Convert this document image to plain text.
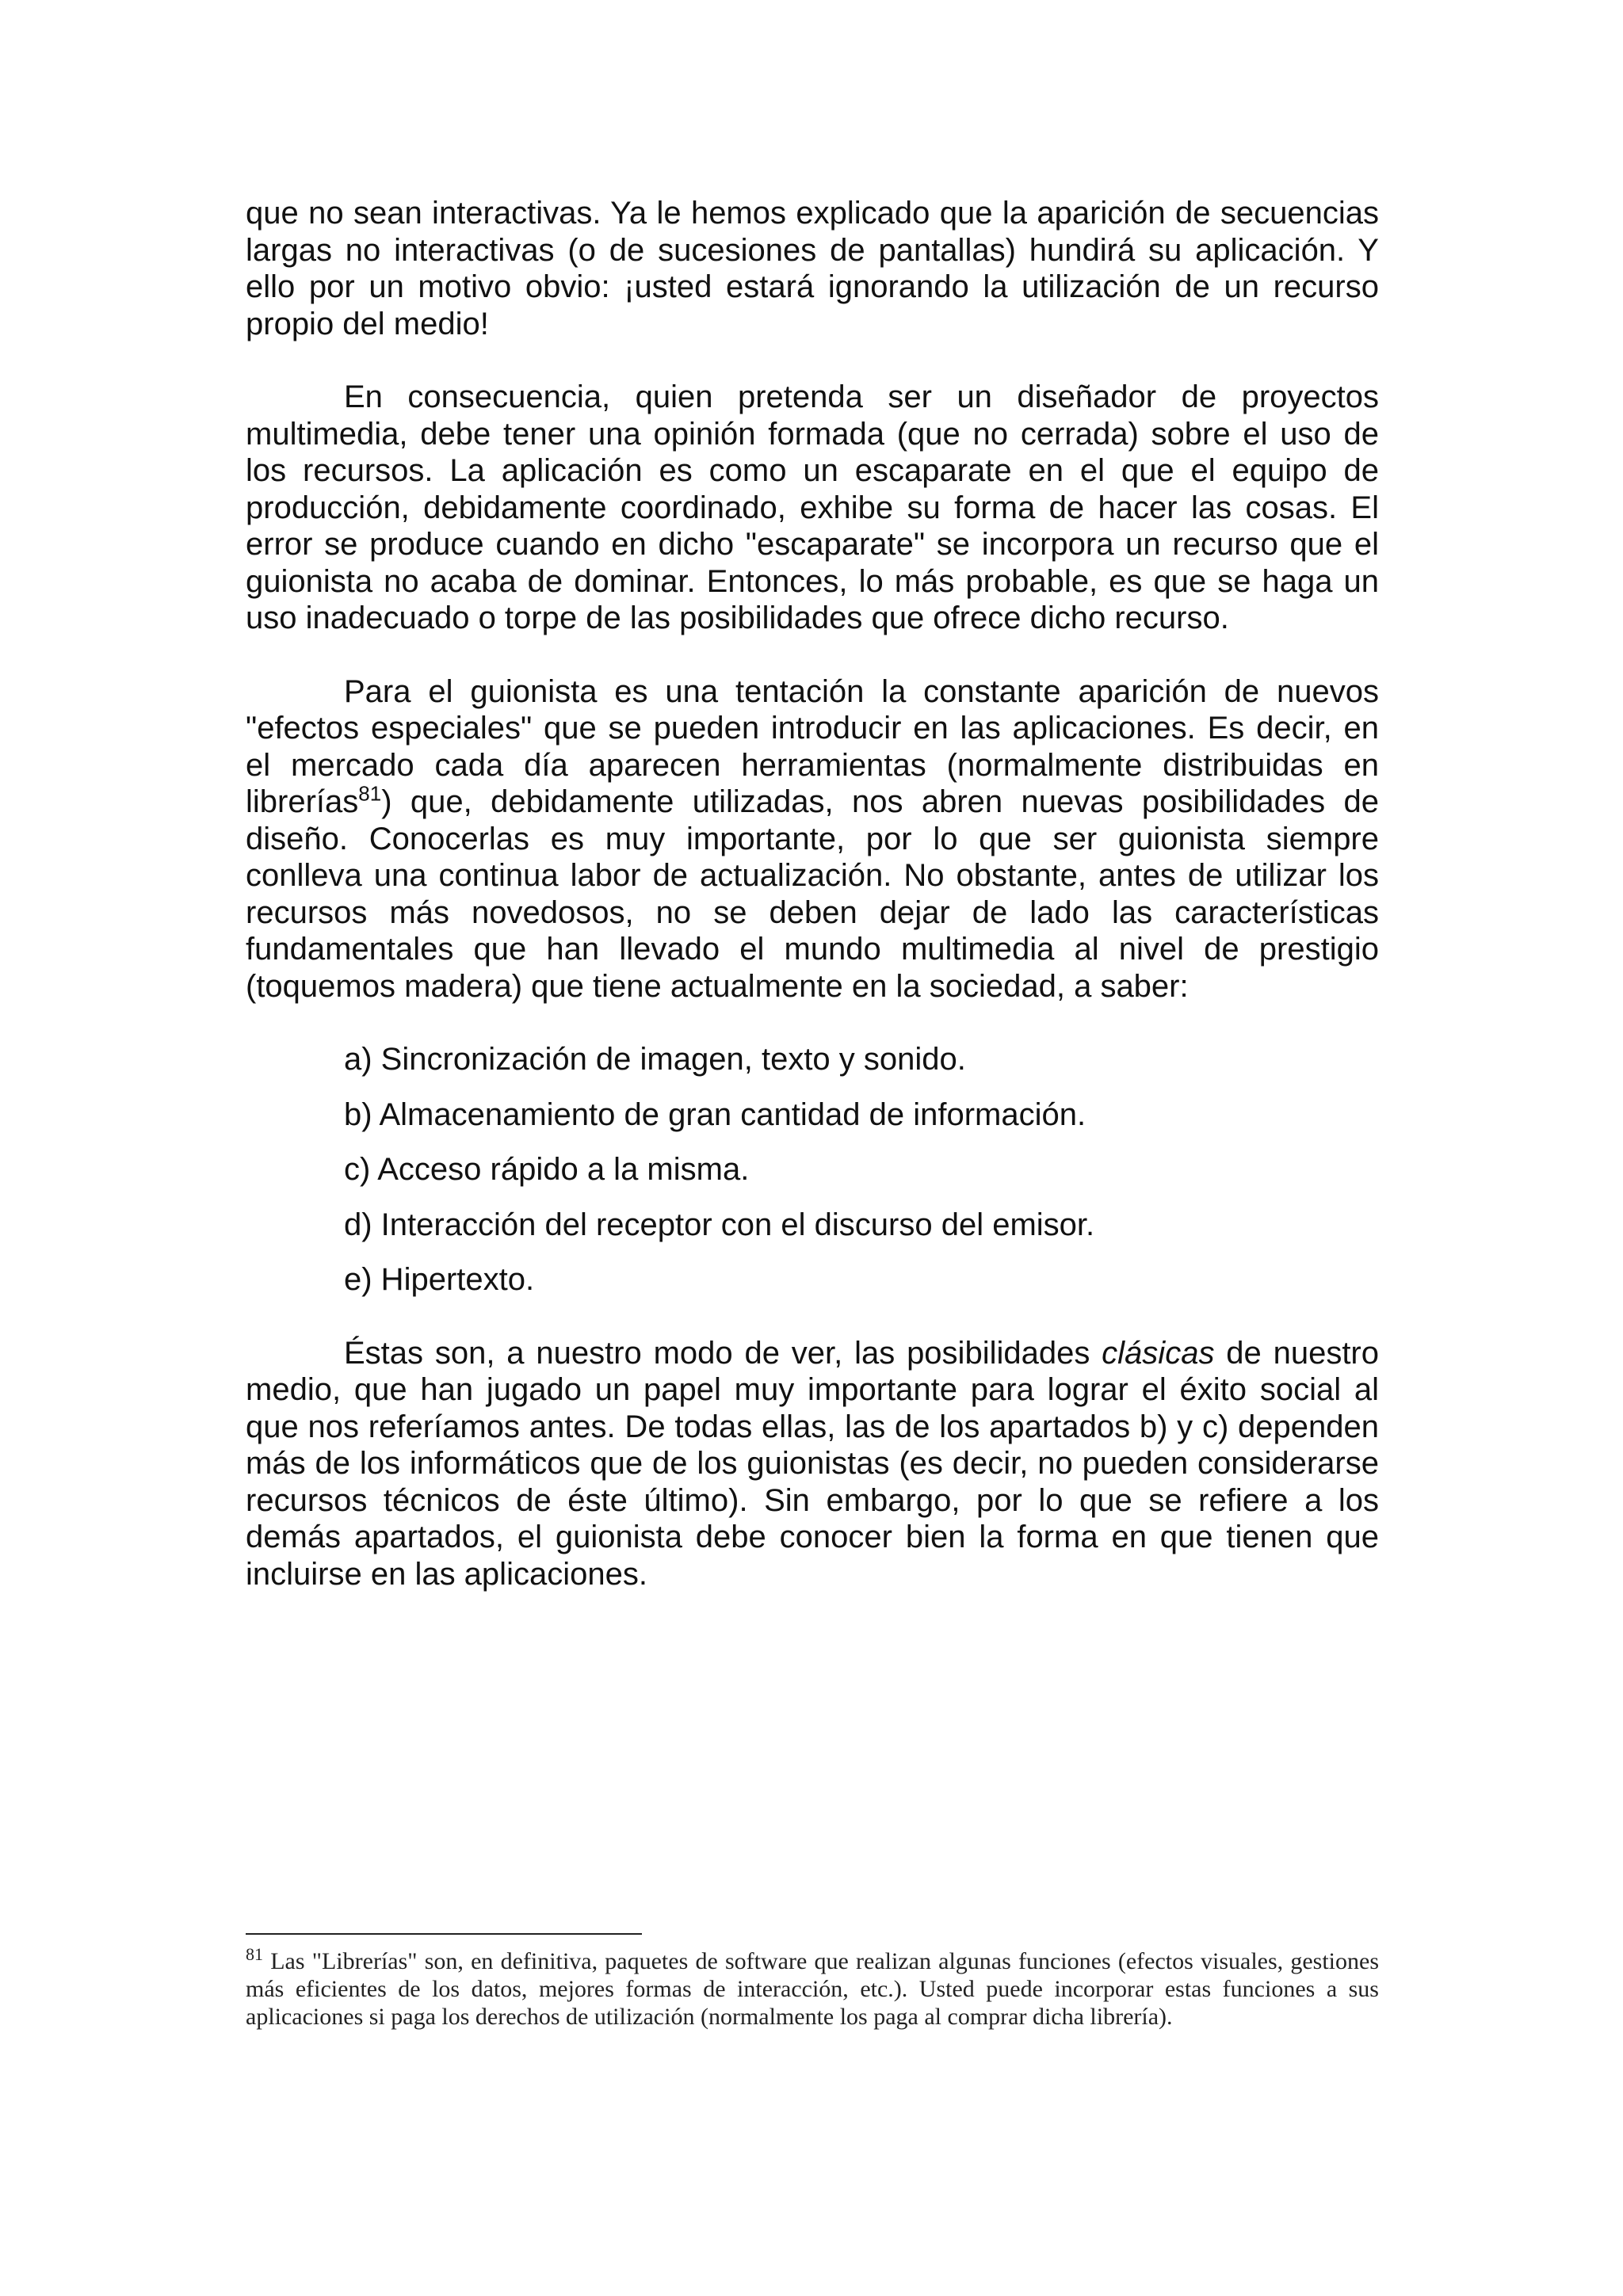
que no sean interactivas. Ya le hemos explicado que la aparición de secuencias largas no interactivas (o de sucesiones de pantallas) hundirá su aplicación. Y ello por un motivo obvio: ¡usted estará ignorando la utilización de un recurso propio del medio!

En consecuencia, quien pretenda ser un diseñador de proyectos multimedia, debe tener una opinión formada (que no cerrada) sobre el uso de los recursos. La aplicación es como un escaparate en el que el equipo de producción, debidamente coordinado, exhibe su forma de hacer las cosas. El error se produce cuando en dicho "escaparate" se incorpora un recurso que el guionista no acaba de dominar. Entonces, lo más probable, es que se haga un uso inadecuado o torpe de las posibilidades que ofrece dicho recurso.

Para el guionista es una tentación la constante aparición de nuevos "efectos especiales" que se pueden introducir en las aplicaciones. Es decir, en el mercado cada día aparecen herramientas (normalmente distribuidas en librerías$^{81}$) que, debidamente utilizadas, nos abren nuevas posibilidades de diseño. Conocerlas es muy importante, por lo que ser guionista siempre conlleva una continua labor de actualización. No obstante, antes de utilizar los recursos más novedosos, no se deben dejar de lado las características fundamentales que han llevado el mundo multimedia al nivel de prestigio (toquemos madera) que tiene actualmente en la sociedad, a saber:

a) Sincronización de imagen, texto y sonido.
b) Almacenamiento de gran cantidad de información.
c) Acceso rápido a la misma.
d) Interacción del receptor con el discurso del emisor.
e) Hipertexto.

Éstas son, a nuestro modo de ver, las posibilidades clásicas de nuestro medio, que han jugado un papel muy importante para lograr el éxito social al que nos referíamos antes. De todas ellas, las de los apartados b) y c) dependen más de los informáticos que de los guionistas (es decir, no pueden considerarse recursos técnicos de éste último). Sin embargo, por lo que se refiere a los demás apartados, el guionista debe conocer bien la forma en que tienen que incluirse en las aplicaciones.

$^{81}$ Las "Librerías" son, en definitiva, paquetes de software que realizan algunas funciones (efectos visuales, gestiones más eficientes de los datos, mejores formas de interacción, etc.). Usted puede incorporar estas funciones a sus aplicaciones si paga los derechos de utilización (normalmente los paga al comprar dicha librería).
